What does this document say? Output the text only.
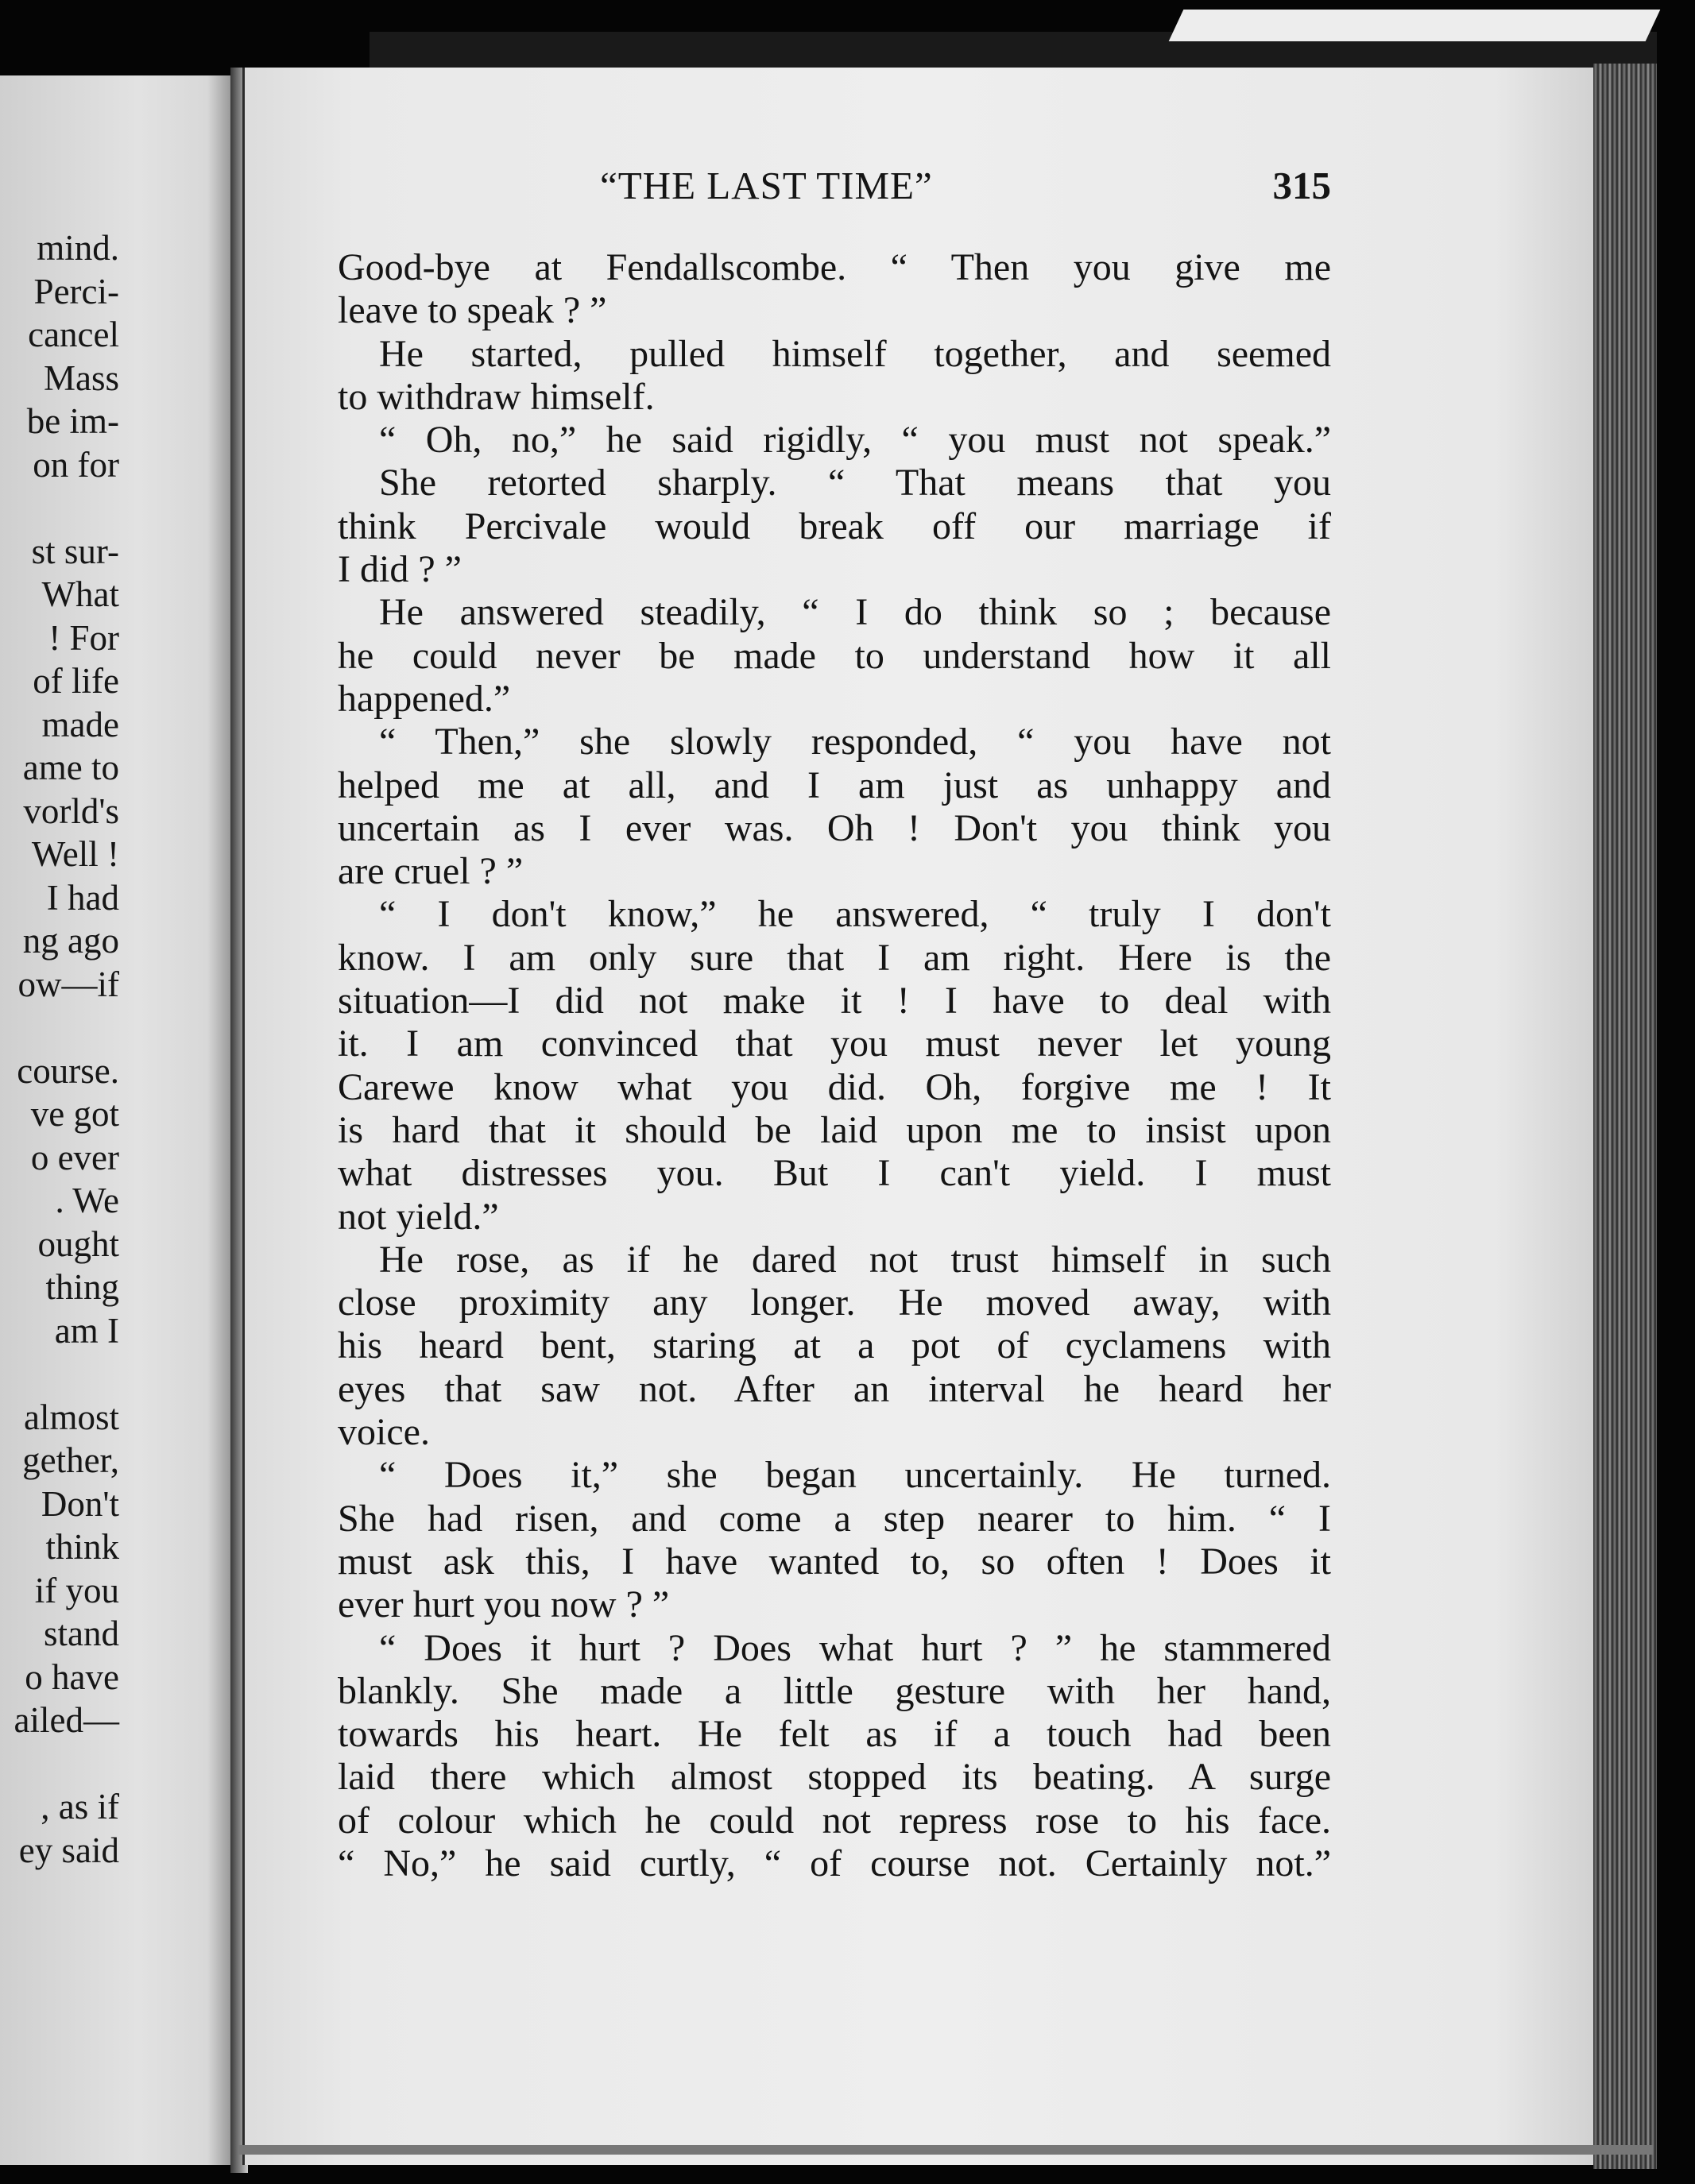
mind.
Perci-
cancel
Mass
be im-
on for
st sur-
What
! For
of life
made
ame to
vorld's
Well !
I had
ng ago
ow—if
course.
ve got
o ever
. We
ought
thing
am I
almost
gether,
Don't
think
if you
stand
o have
ailed—
, as if
ey said
“THE LAST TIME”	315
Good-bye at Fendallscombe. “ Then you give me
leave to speak ? ”
He started, pulled himself together, and seemed
to withdraw himself.
“ Oh, no,” he said rigidly, “ you must not speak.”
She retorted sharply. “ That means that you
think Percivale would break off our marriage if
I did ? ”
He answered steadily, “ I do think so ; because
he could never be made to understand how it all
happened.”
“ Then,” she slowly responded, “ you have not
helped me at all, and I am just as unhappy and
uncertain as I ever was. Oh ! Don't you think you
are cruel ? ”
“ I don't know,” he answered, “ truly I don't
know. I am only sure that I am right. Here is the
situation—I did not make it ! I have to deal with
it. I am convinced that you must never let young
Carewe know what you did. Oh, forgive me ! It
is hard that it should be laid upon me to insist upon
what distresses you. But I can't yield. I must
not yield.”
He rose, as if he dared not trust himself in such
close proximity any longer. He moved away, with
his heard bent, staring at a pot of cyclamens with
eyes that saw not. After an interval he heard her
voice.
“ Does it,” she began uncertainly. He turned.
She had risen, and come a step nearer to him. “ I
must ask this, I have wanted to, so often ! Does it
ever hurt you now ? ”
“ Does it hurt ? Does what hurt ? ” he stammered
blankly. She made a little gesture with her hand,
towards his heart. He felt as if a touch had been
laid there which almost stopped its beating. A surge
of colour which he could not repress rose to his face.
“ No,” he said curtly, “ of course not. Certainly not.”
